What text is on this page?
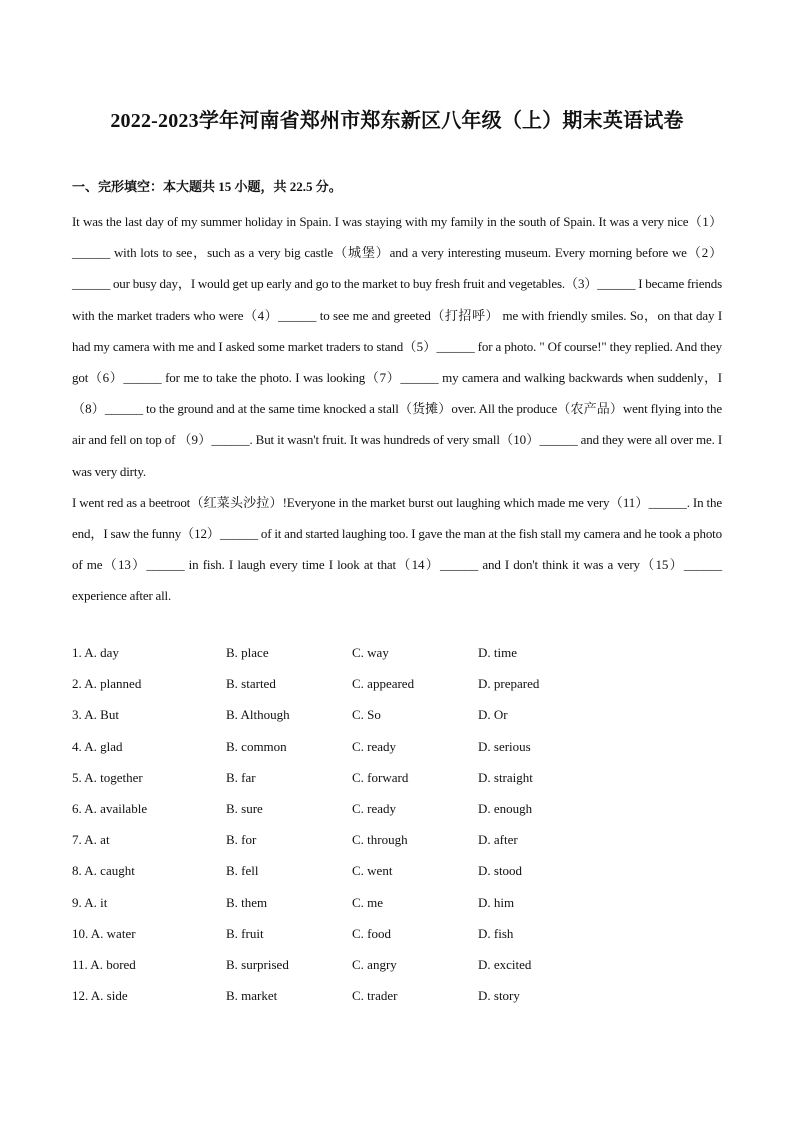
2022-2023学年河南省郑州市郑东新区八年级（上）期末英语试卷
一、完形填空：本大题共 15 小题，共 22.5 分。

It was the last day of my summer holiday in Spain. I was staying with my family in the south of Spain. It was a very nice（1）______ with lots to see，such as a very big castle（城堡）and a very interesting museum. Every morning before we（2）______ our busy day，I would get up early and go to the market to buy fresh fruit and vegetables.（3）______ I became friends with the market traders who were（4）______ to see me and greeted（打招呼） me with friendly smiles. So，on that day I had my camera with me and I asked some market traders to stand（5）______ for a photo. " Of course!" they replied. And they got（6）______ for me to take the photo. I was looking（7）______ my camera and walking backwards when suddenly，I（8）______ to the ground and at the same time knocked a stall（货摊）over. All the produce（农产品）went flying into the air and fell on top of （9）______. But it wasn't fruit. It was hundreds of very small（10）______ and they were all over me. I was very dirty.

I went red as a beetroot（红菜头沙拉）!Everyone in the market burst out laughing which made me very（11）______. In the end，I saw the funny（12）______ of it and started laughing too. I gave the man at the fish stall my camera and he took a photo of me（13）______ in fish. I laugh every time I look at that（14）______ and I don't think it was a very（15）______ experience after all.

1. A. day	B. place	C. way	D. time
2. A. planned	B. started	C. appeared	D. prepared
3. A. But	B. Although	C. So	D. Or
4. A. glad	B. common	C. ready	D. serious
5. A. together	B. far	C. forward	D. straight
6. A. available	B. sure	C. ready	D. enough
7. A. at	B. for	C. through	D. after
8. A. caught	B. fell	C. went	D. stood
9. A. it	B. them	C. me	D. him
10. A. water	B. fruit	C. food	D. fish
11. A. bored	B. surprised	C. angry	D. excited
12. A. side	B. market	C. trader	D. story
